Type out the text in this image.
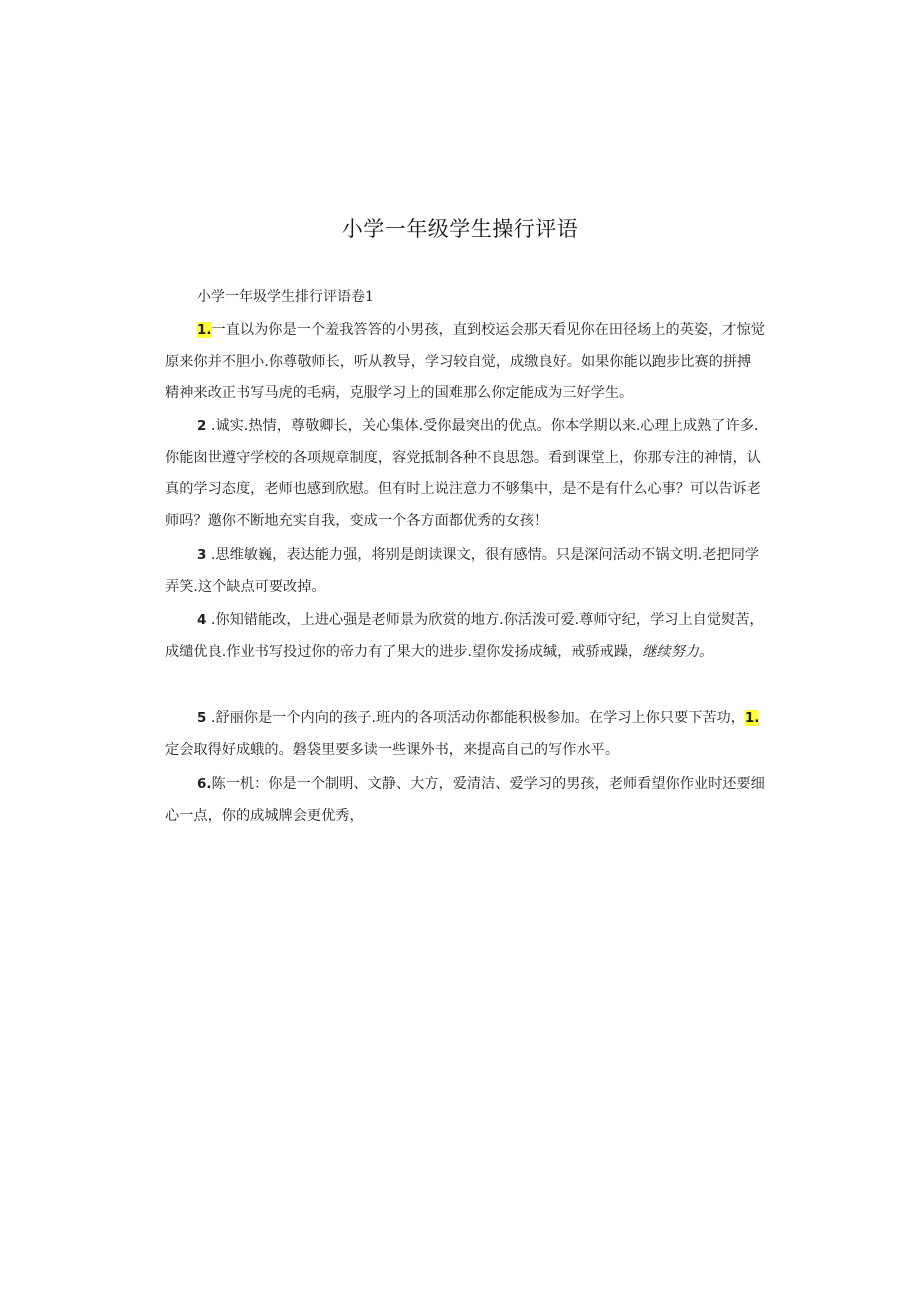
小学一年级学生操行评语
小学一年圾学生排行评语卷1
1.一直以为你是一个羞我答答的小男孩，直到校运会那天看见你在田径场上的英姿，才惊觉原来你并不胆小.你尊敬师长，听从教导，学习较自觉，成缴良好。如果你能以跑步比赛的拼搏精神来改正书写马虎的毛病，克服学习上的国难那么你定能成为三好学生。
2 .诚实.热情，尊敬卿长，关心集体.受你最突出的优点。你本学期以来.心理上成熟了许多.你能囱世遵守学校的各项规章制度，容党抵制各种不良思怨。看到课堂上，你那专注的神情，认真的学习态度，老师也感到欣慰。但有时上说注意力不够集中，是不是有什么心事？可以告诉老师吗？邀你不断地充实自我，变成一个各方面都优秀的女孩！
3 .思维敏巍，表达能力强，将别是朗读课文，很有感情。只是深问活动不锅文明.老把同学弄笑.这个缺点可要改掉。
4 .你知错能改，上进心强是老师景为欣赏的地方.你活泼可爱.尊师守纪，学习上自觉熨苦，成缱优良.作业书写投过你的帝力有了果大的进步.望你发扬成缄，戒骄戒躁，继续努力。
5 .舒丽你是一个内向的孩子.班内的各项活动你都能积极参加。在学习上你只要下苦功，1.定会取得好成蛾的。磐袋里要多读一些课外书，来提高自己的写作水平。
6.陈一机：你是一个制明、文静、大方，爱清洁、爱学习的男孩，老师看望你作业时还要细心一点，你的成城牌会更优秀，
